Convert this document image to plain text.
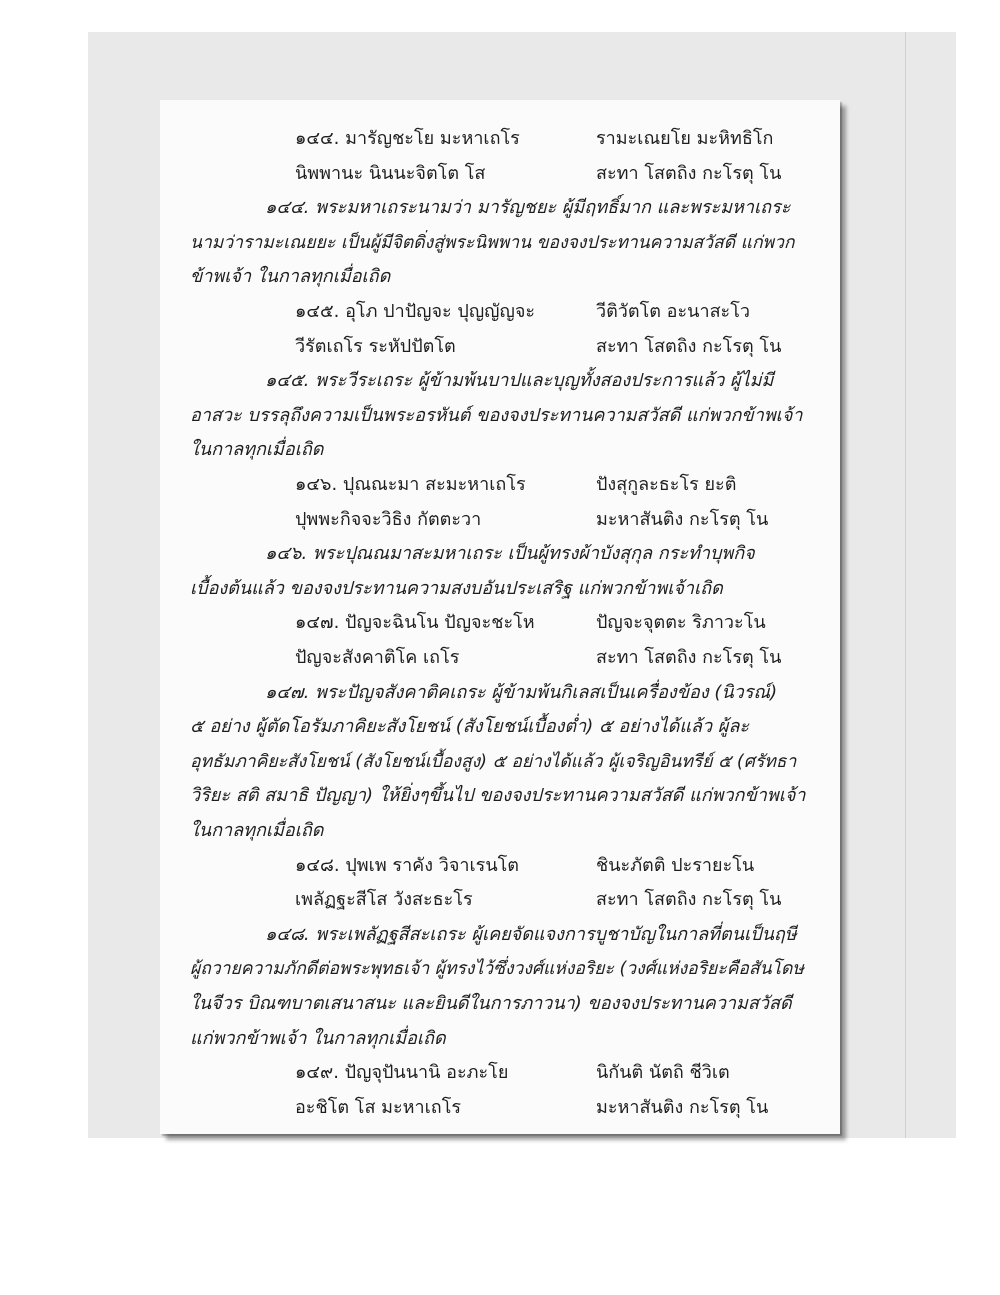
๑๔๔. มารัญชะโย มะหาเถโร	รามะเณยโย มะหิทธิโก
นิพพานะ นินนะจิตโต โส	สะทา โสตถิง กะโรตุ โน
๑๔๔. พระมหาเถระนามว่า มารัญชยะ ผู้มีฤทธิ์มาก และพระมหาเถระ
นามว่ารามะเณยยะ เป็นผู้มีจิตดิ่งสู่พระนิพพาน ของจงประทานความสวัสดี แก่พวก
ข้าพเจ้า ในกาลทุกเมื่อเถิด
๑๔๕. อุโภ ปาปัญจะ ปุญญัญจะ	วีติวัตโต อะนาสะโว
วีรัตเถโร ระหัปปัตโต	สะทา โสตถิง กะโรตุ โน
๑๔๕. พระวีระเถระ ผู้ข้ามพ้นบาปและบุญทั้งสองประการแล้ว ผู้ไม่มี
อาสวะ บรรลุถึงความเป็นพระอรหันต์ ของจงประทานความสวัสดี แก่พวกข้าพเจ้า
ในกาลทุกเมื่อเถิด
๑๔๖. ปุณณะมา สะมะหาเถโร	ปังสุกูละธะโร ยะติ
ปุพพะกิจจะวิธิง กัตตะวา	มะหาสันติง กะโรตุ โน
๑๔๖. พระปุณณมาสะมหาเถระ เป็นผู้ทรงผ้าบังสุกุล กระทำบุพกิจ
เบื้องต้นแล้ว ของจงประทานความสงบอันประเสริฐ แก่พวกข้าพเจ้าเถิด
๑๔๗. ปัญจะฉินโน ปัญจะชะโห	ปัญจะจุตตะ ริภาวะโน
ปัญจะสังคาติโค เถโร	สะทา โสตถิง กะโรตุ โน
๑๔๗. พระปัญจสังคาติคเถระ ผู้ข้ามพ้นกิเลสเป็นเครื่องข้อง (นิวรณ์)
๕ อย่าง ผู้ตัดโอรัมภาคิยะสังโยชน์ (สังโยชน์เบื้องต่ำ) ๕ อย่างได้แล้ว ผู้ละ
อุทธัมภาคิยะสังโยชน์ (สังโยชน์เบื้องสูง) ๕ อย่างได้แล้ว ผู้เจริญอินทรีย์ ๕ (ศรัทธา
วิริยะ สติ สมาธิ ปัญญา) ให้ยิ่งๆขึ้นไป ของจงประทานความสวัสดี แก่พวกข้าพเจ้า
ในกาลทุกเมื่อเถิด
๑๔๘. ปุพเพ ราคัง วิจาเรนโต	ชินะภัตติ ปะรายะโน
เพลัฏฐะสีโส วังสะธะโร	สะทา โสตถิง กะโรตุ โน
๑๔๘. พระเพลัฏฐสีสะเถระ ผู้เคยจัดแจงการบูชาบัญในกาลที่ตนเป็นฤษี
ผู้ถวายความภักดีต่อพระพุทธเจ้า ผู้ทรงไว้ซึ่งวงศ์แห่งอริยะ (วงศ์แห่งอริยะคือสันโดษ
ในจีวร บิณฑบาตเสนาสนะ และยินดีในการภาวนา) ของจงประทานความสวัสดี
แก่พวกข้าพเจ้า ในกาลทุกเมื่อเถิด
๑๔๙. ปัญจุปันนานิ อะภะโย	นิกันติ นัตถิ ชีวิเต
อะชิโต โส มะหาเถโร	มะหาสันติง กะโรตุ โน
